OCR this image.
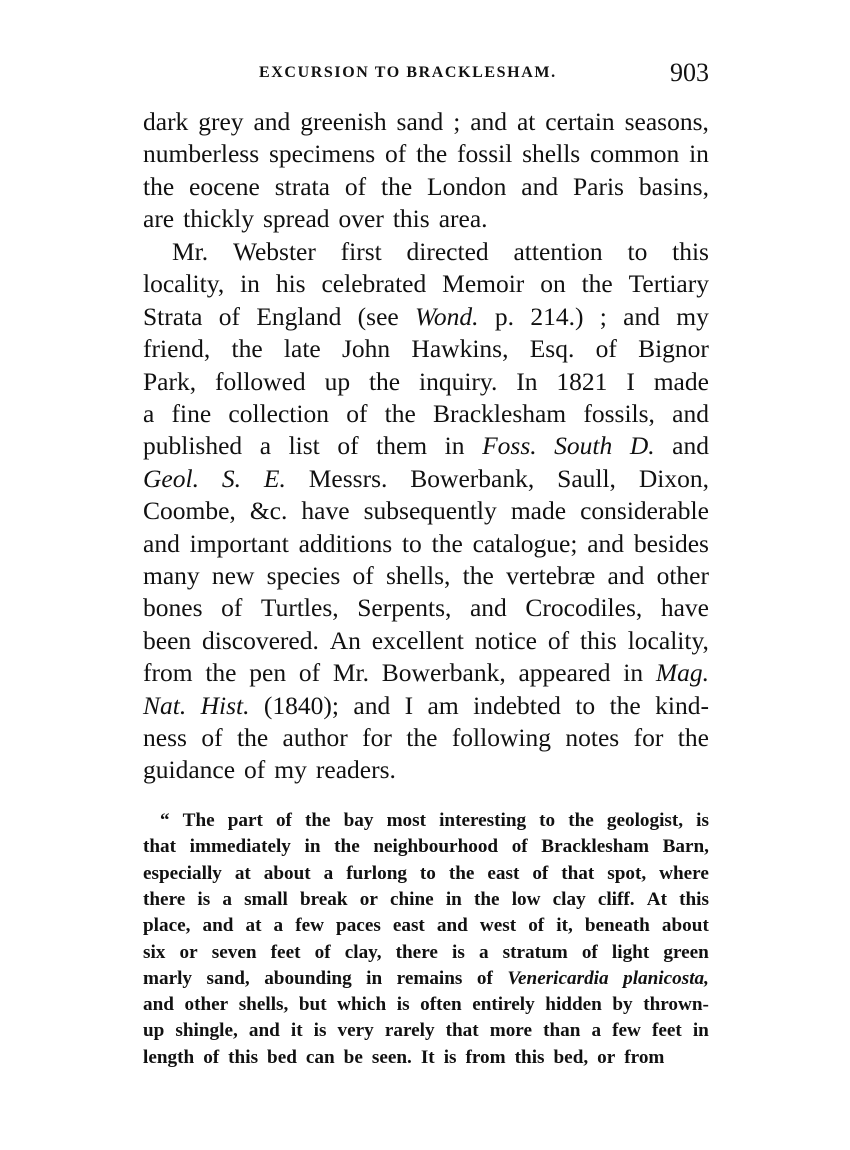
EXCURSION TO BRACKLESHAM.	903
dark grey and greenish sand ; and at certain seasons,
numberless specimens of the fossil shells common in
the eocene strata of the London and Paris basins,
are thickly spread over this area.
Mr. Webster first directed attention to this
locality, in his celebrated Memoir on the Tertiary
Strata of England (see Wond. p. 214.) ; and my
friend, the late John Hawkins, Esq. of Bignor
Park, followed up the inquiry. In 1821 I made
a fine collection of the Bracklesham fossils, and
published a list of them in Foss. South D. and
Geol. S. E. Messrs. Bowerbank, Saull, Dixon,
Coombe, &c. have subsequently made considerable
and important additions to the catalogue; and besides
many new species of shells, the vertebræ and other
bones of Turtles, Serpents, and Crocodiles, have
been discovered. An excellent notice of this locality,
from the pen of Mr. Bowerbank, appeared in Mag.
Nat. Hist. (1840); and I am indebted to the kind-
ness of the author for the following notes for the
guidance of my readers.
“ The part of the bay most interesting to the geologist, is
that immediately in the neighbourhood of Bracklesham Barn,
especially at about a furlong to the east of that spot, where
there is a small break or chine in the low clay cliff. At this
place, and at a few paces east and west of it, beneath about
six or seven feet of clay, there is a stratum of light green
marly sand, abounding in remains of Venericardia planicosta,
and other shells, but which is often entirely hidden by thrown-
up shingle, and it is very rarely that more than a few feet in
length of this bed can be seen. It is from this bed, or from
